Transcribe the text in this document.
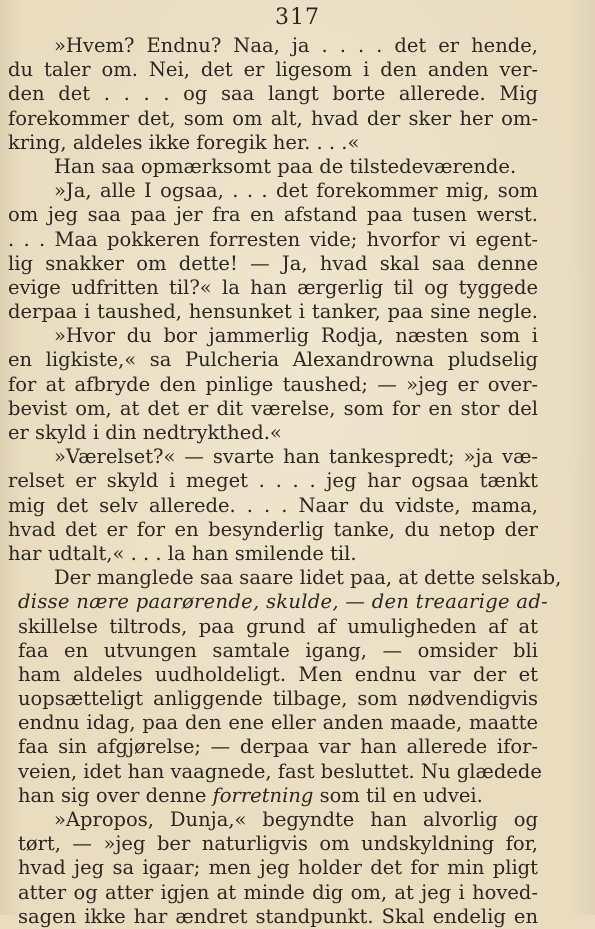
317
»Hvem? Endnu? Naa, ja . . . . det er hende,
du taler om. Nei, det er ligesom i den anden ver-
den det . . . . og saa langt borte allerede. Mig
forekommer det, som om alt, hvad der sker her om-
kring, aldeles ikke foregik her. . . .«
Han saa opmærksomt paa de tilstedeværende.
»Ja, alle I ogsaa, . . . det forekommer mig, som
om jeg saa paa jer fra en afstand paa tusen werst.
. . . Maa pokkeren forresten vide; hvorfor vi egent-
lig snakker om dette! — Ja, hvad skal saa denne
evige udfritten til?« la han ærgerlig til og tyggede
derpaa i taushed, hensunket i tanker, paa sine negle.
»Hvor du bor jammerlig Rodja, næsten som i
en ligkiste,« sa Pulcheria Alexandrowna pludselig
for at afbryde den pinlige taushed; — »jeg er over-
bevist om, at det er dit værelse, som for en stor del
er skyld i din nedtrykthed.«
»Værelset?« — svarte han tankespredt; »ja væ-
relset er skyld i meget . . . . jeg har ogsaa tænkt
mig det selv allerede. . . . Naar du vidste, mama,
hvad det er for en besynderlig tanke, du netop der
har udtalt,« . . . la han smilende til.
Der manglede saa saare lidet paa, at dette selskab,
disse nære paarørende, skulde, — den treaarige ad-
skillelse tiltrods, paa grund af umuligheden af at
faa en utvungen samtale igang, — omsider bli
ham aldeles uudholdeligt. Men endnu var der et
uopsætteligt anliggende tilbage, som nødvendigvis
endnu idag, paa den ene eller anden maade, maatte
faa sin afgjørelse; — derpaa var han allerede ifor-
veien, idet han vaagnede, fast besluttet. Nu glædede
han sig over denne forretning som til en udvei.
»Apropos, Dunja,« begyndte han alvorlig og
tørt, — »jeg ber naturligvis om undskyldning for,
hvad jeg sa igaar; men jeg holder det for min pligt
atter og atter igjen at minde dig om, at jeg i hoved-
sagen ikke har ændret standpunkt. Skal endelig en
